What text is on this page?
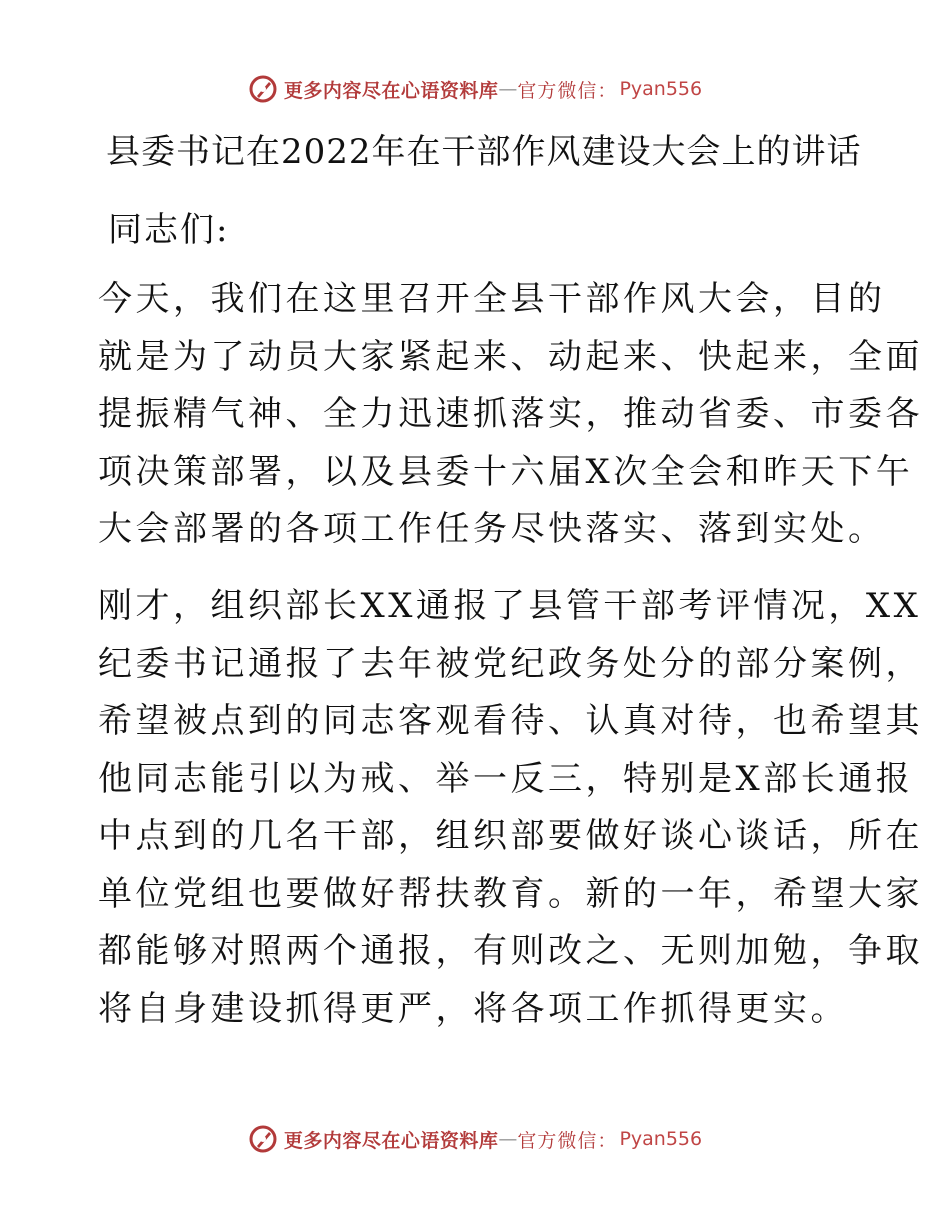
更多内容尽在心语资料库 — 官方微信： Pyan556
县委书记在2022年在干部作风建设大会上的讲话
同志们:
今天，我们在这里召开全县干部作风大会，目的
就是为了动员大家紧起来、动起来、快起来，全面
提振精气神、全力迅速抓落实，推动省委、市委各
项决策部署，以及县委十六届X次全会和昨天下午
大会部署的各项工作任务尽快落实、落到实处。
刚才，组织部长XX通报了县管干部考评情况，XX
纪委书记通报了去年被党纪政务处分的部分案例，
希望被点到的同志客观看待、认真对待，也希望其
他同志能引以为戒、举一反三，特别是X部长通报
中点到的几名干部，组织部要做好谈心谈话，所在
单位党组也要做好帮扶教育。新的一年，希望大家
都能够对照两个通报，有则改之、无则加勉，争取
将自身建设抓得更严，将各项工作抓得更实。
更多内容尽在心语资料库 — 官方微信： Pyan556
